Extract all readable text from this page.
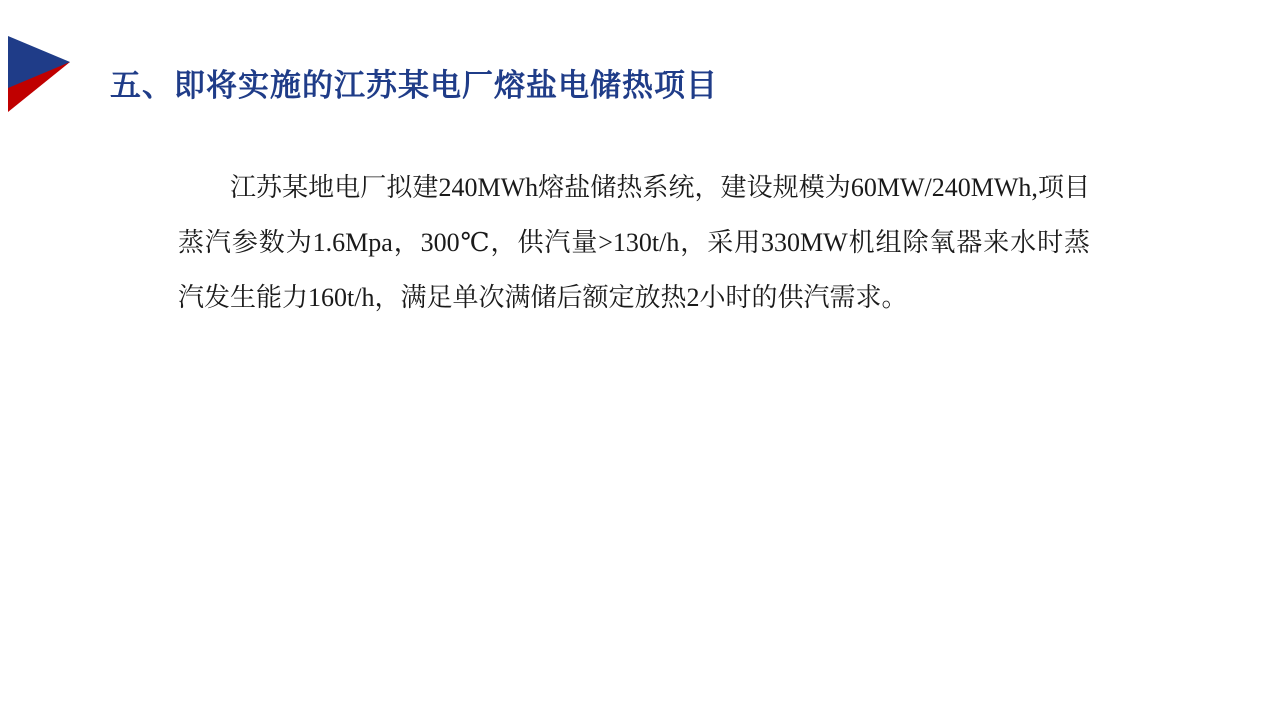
五、即将实施的江苏某电厂熔盐电储热项目

江苏某地电厂拟建240MWh熔盐储热系统，建设规模为60MW/240MWh,项目蒸汽参数为1.6Mpa，300℃，供汽量>130t/h，采用330MW机组除氧器来水时蒸汽发生能力160t/h，满足单次满储后额定放热2小时的供汽需求。
